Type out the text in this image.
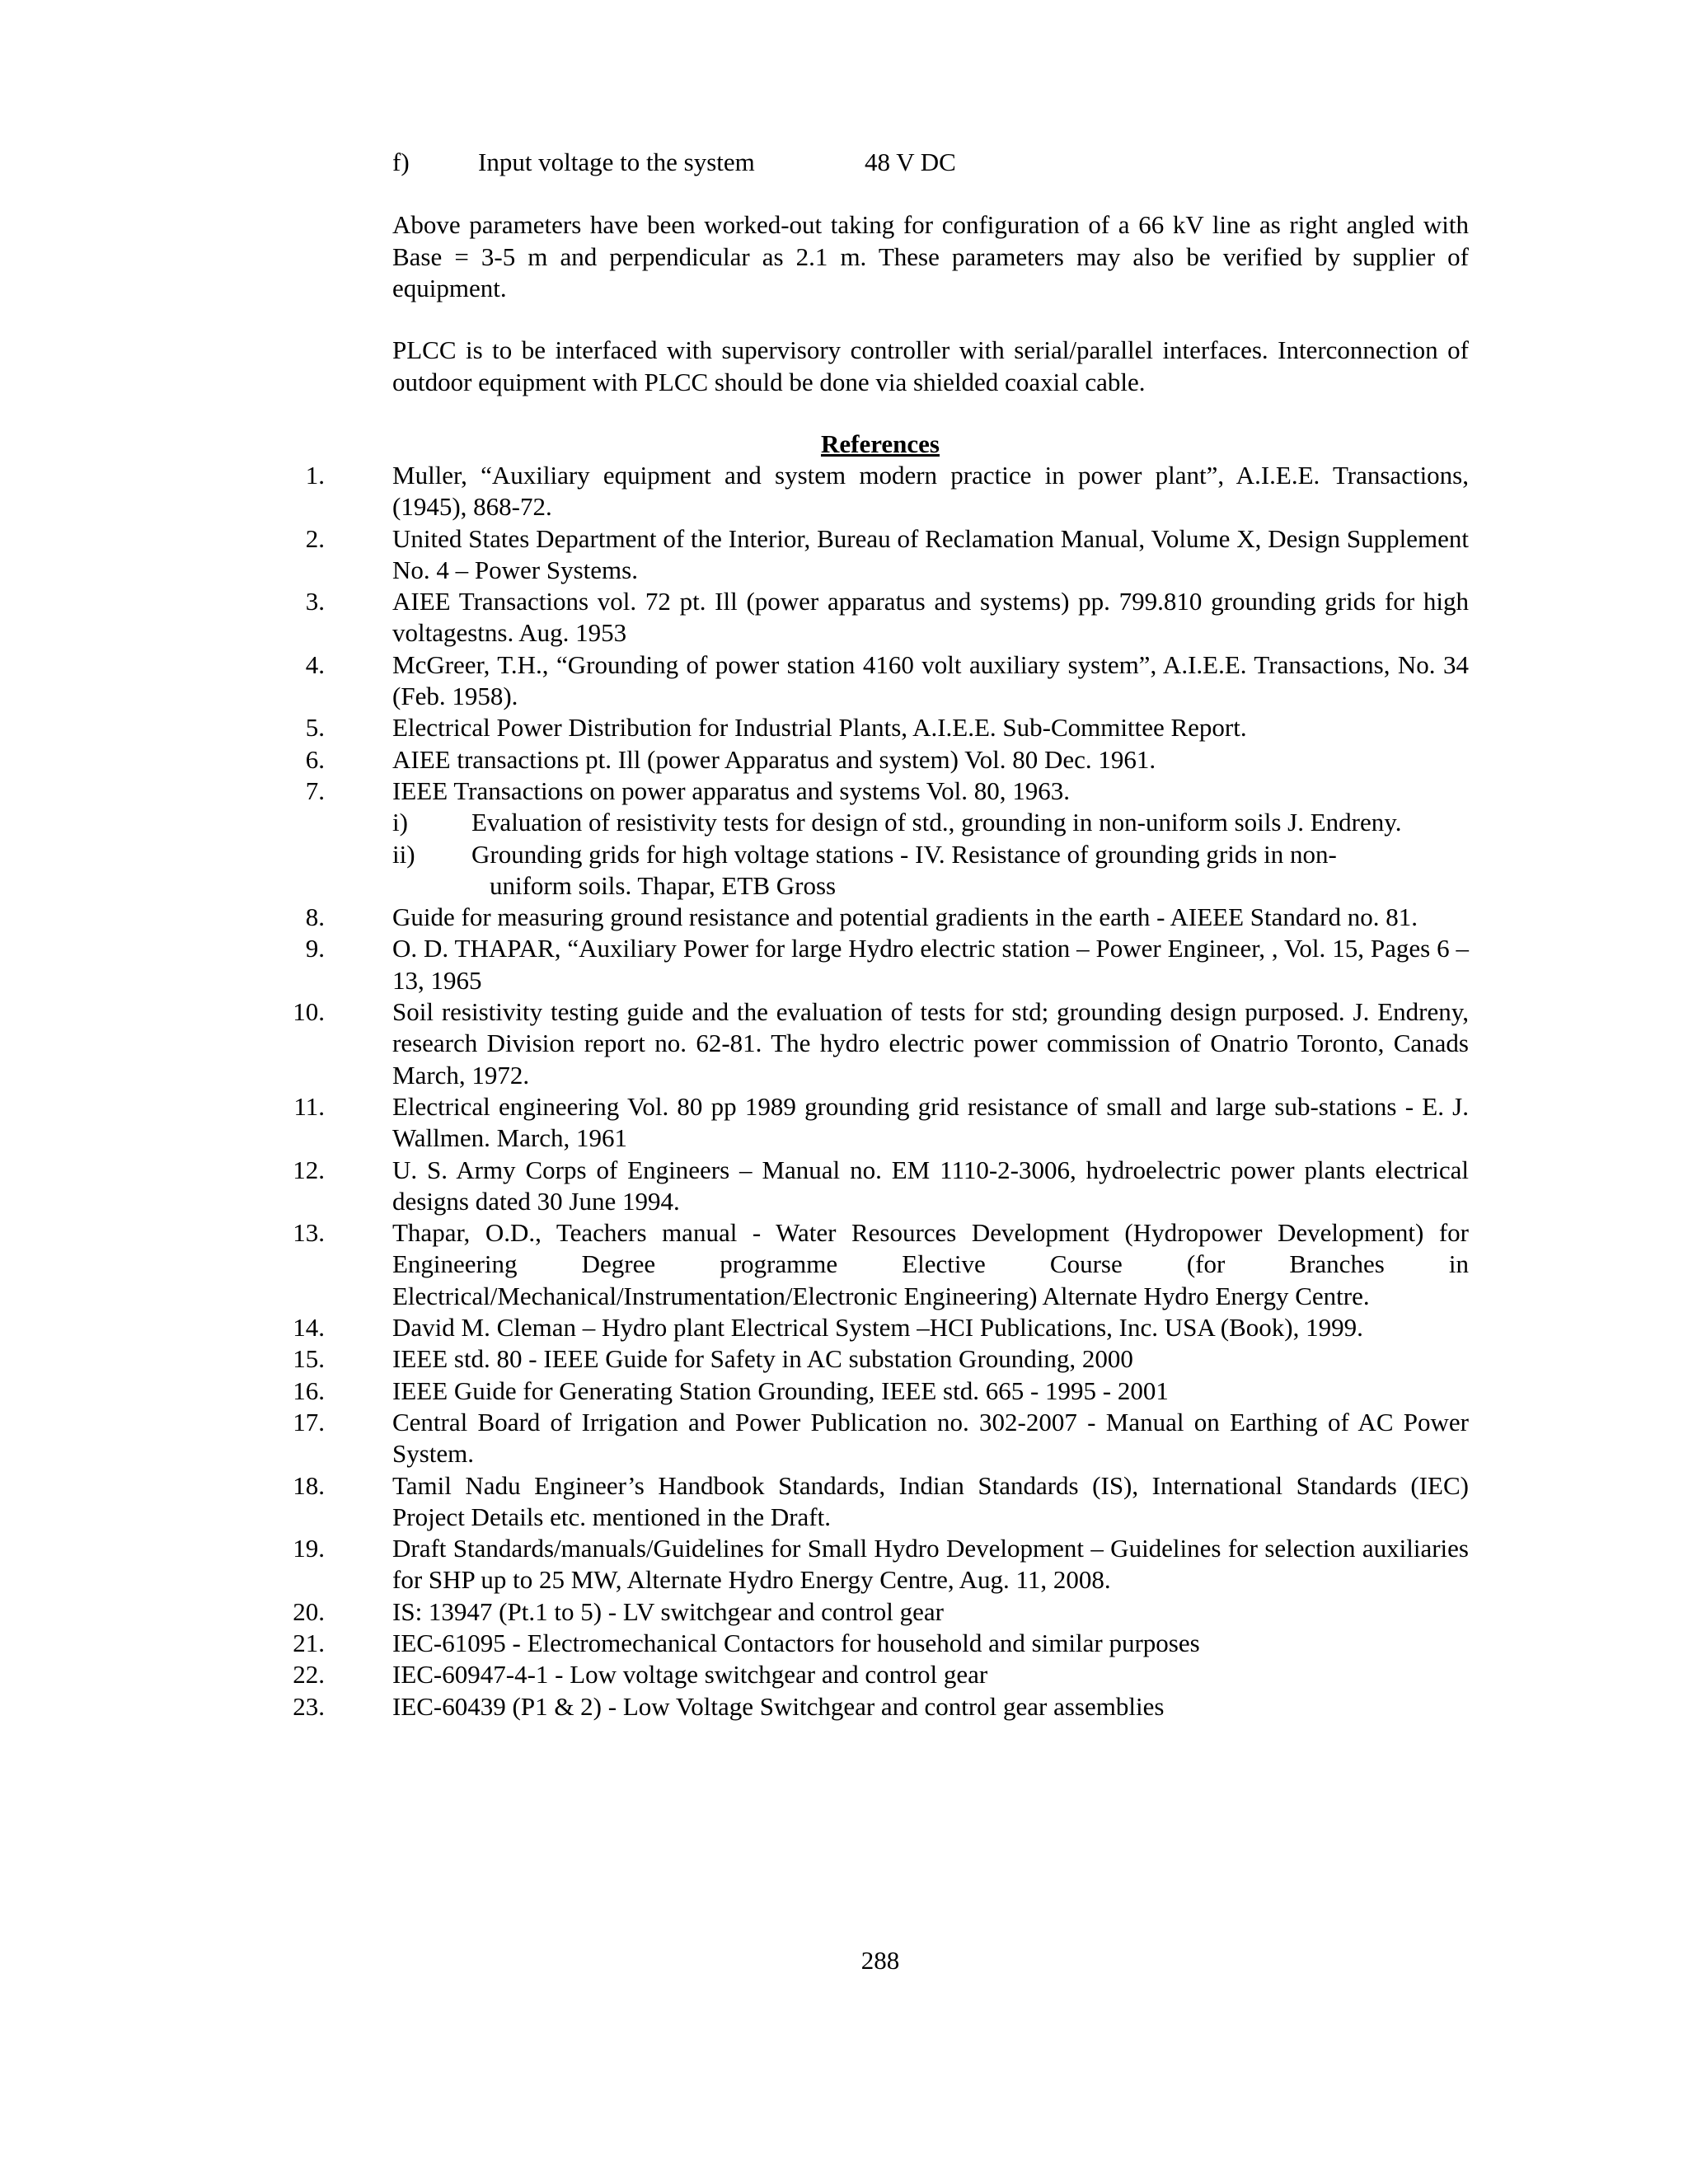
f)	Input voltage to the system	48 V DC

Above parameters have been worked-out taking for configuration of a 66 kV line as right angled with Base = 3-5 m and perpendicular as 2.1 m. These parameters may also be verified by supplier of equipment.

PLCC is to be interfaced with supervisory controller with serial/parallel interfaces. Interconnection of outdoor equipment with PLCC should be done via shielded coaxial cable.

References
1.	Muller, “Auxiliary equipment and system modern practice in power plant”, A.I.E.E. Transactions, (1945), 868-72.
2.	United States Department of the Interior, Bureau of Reclamation Manual, Volume X, Design Supplement No. 4 – Power Systems.
3.	AIEE Transactions vol. 72 pt. Ill (power apparatus and systems) pp. 799.810 grounding grids for high voltagestns. Aug. 1953
4.	McGreer, T.H., “Grounding of power station 4160 volt auxiliary system”, A.I.E.E. Transactions, No. 34 (Feb. 1958).
5.	Electrical Power Distribution for Industrial Plants, A.I.E.E. Sub-Committee Report.
6.	AIEE transactions pt. Ill (power Apparatus and system) Vol. 80 Dec. 1961.
7.	IEEE Transactions on power apparatus and systems Vol. 80, 1963.
i) Evaluation of resistivity tests for design of std., grounding in non-uniform soils J. Endreny.
ii) Grounding grids for high voltage stations - IV. Resistance of grounding grids in non-
uniform soils. Thapar, ETB Gross
8.	Guide for measuring ground resistance and potential gradients in the earth - AIEEE Standard no. 81.
9.	O. D. THAPAR, “Auxiliary Power for large Hydro electric station – Power Engineer, , Vol. 15, Pages 6 – 13, 1965
10.	Soil resistivity testing guide and the evaluation of tests for std; grounding design purposed. J. Endreny, research Division report no. 62-81. The hydro electric power commission of Onatrio Toronto, Canads March, 1972.
11.	Electrical engineering Vol. 80 pp 1989 grounding grid resistance of small and large sub-stations - E. J. Wallmen. March, 1961
12.	U. S. Army Corps of Engineers – Manual no. EM 1110-2-3006, hydroelectric power plants electrical designs dated 30 June 1994.
13.	Thapar, O.D., Teachers manual - Water Resources Development (Hydropower Development) for Engineering Degree programme Elective Course (for Branches in Electrical/Mechanical/Instrumentation/Electronic Engineering) Alternate Hydro Energy Centre.
14.	David M. Cleman – Hydro plant Electrical System –HCI Publications, Inc. USA (Book), 1999.
15.	IEEE std. 80 - IEEE Guide for Safety in AC substation Grounding, 2000
16.	IEEE Guide for Generating Station Grounding, IEEE std. 665 - 1995 - 2001
17.	Central Board of Irrigation and Power Publication no. 302-2007 - Manual on Earthing of AC Power System.
18.	Tamil Nadu Engineer’s Handbook Standards, Indian Standards (IS), International Standards (IEC) Project Details etc. mentioned in the Draft.
19.	Draft Standards/manuals/Guidelines for Small Hydro Development – Guidelines for selection auxiliaries for SHP up to 25 MW, Alternate Hydro Energy Centre, Aug. 11, 2008.
20.	IS: 13947 (Pt.1 to 5) - LV switchgear and control gear
21.	IEC-61095 - Electromechanical Contactors for household and similar purposes
22.	IEC-60947-4-1 - Low voltage switchgear and control gear
23.	IEC-60439 (P1 & 2) - Low Voltage Switchgear and control gear assemblies
288
